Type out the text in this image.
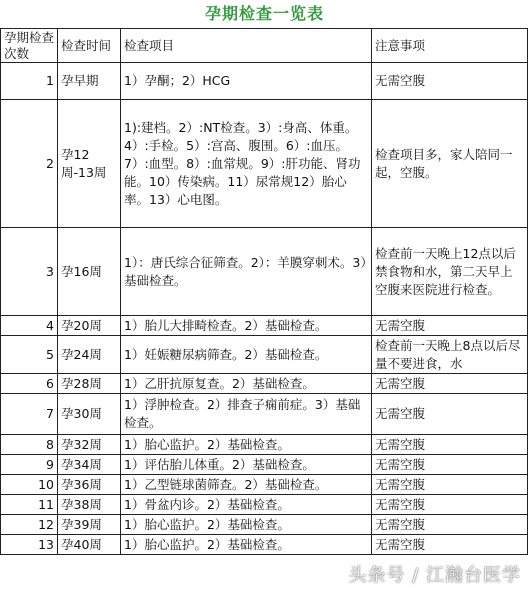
孕期检查一览表
孕期检查次数	检查时间	检查项目	注意事项
1	孕早期	1）孕酮；2）HCG	无需空腹
2	孕12周-13周	1):建档。2）:NT检查。3）:身高、体重。4）:手检。5）:宫高、腹围。6）:血压。7）:血型。8）:血常规。9）:肝功能、肾功能。10）传染病。11）尿常规12）胎心率。13）心电图。	检查项目多，家人陪同一起，空腹。
3	孕16周	1）：唐氏综合征筛查。2）：羊膜穿刺术。3）基础检查。	检查前一天晚上12点以后禁食物和水，第二天早上空腹来医院进行检查。
4	孕20周	1）胎儿大排畸检查。2）基础检查。	无需空腹
5	孕24周	1）妊娠糖尿病筛查。2）基础检查。	检查前一天晚上8点以后尽量不要进食，水
6	孕28周	1）乙肝抗原复查。2）基础检查。	无需空腹
7	孕30周	1）浮肿检查。2）排查子痫前症。3）基础检查。	无需空腹
8	孕32周	1）胎心监护。2）基础检查。	无需空腹
9	孕34周	1）评估胎儿体重。2）基础检查。	无需空腹
10	孕36周	1）乙型链球菌筛查。2）基础检查。	无需空腹
11	孕38周	1）骨盆内诊。2）基础检查。	无需空腹
12	孕39周	1）胎心监护。2）基础检查。	无需空腹
13	孕40周	1）胎心监护。2）基础检查。	无需空腹
头条号 / 江瀚台医学
